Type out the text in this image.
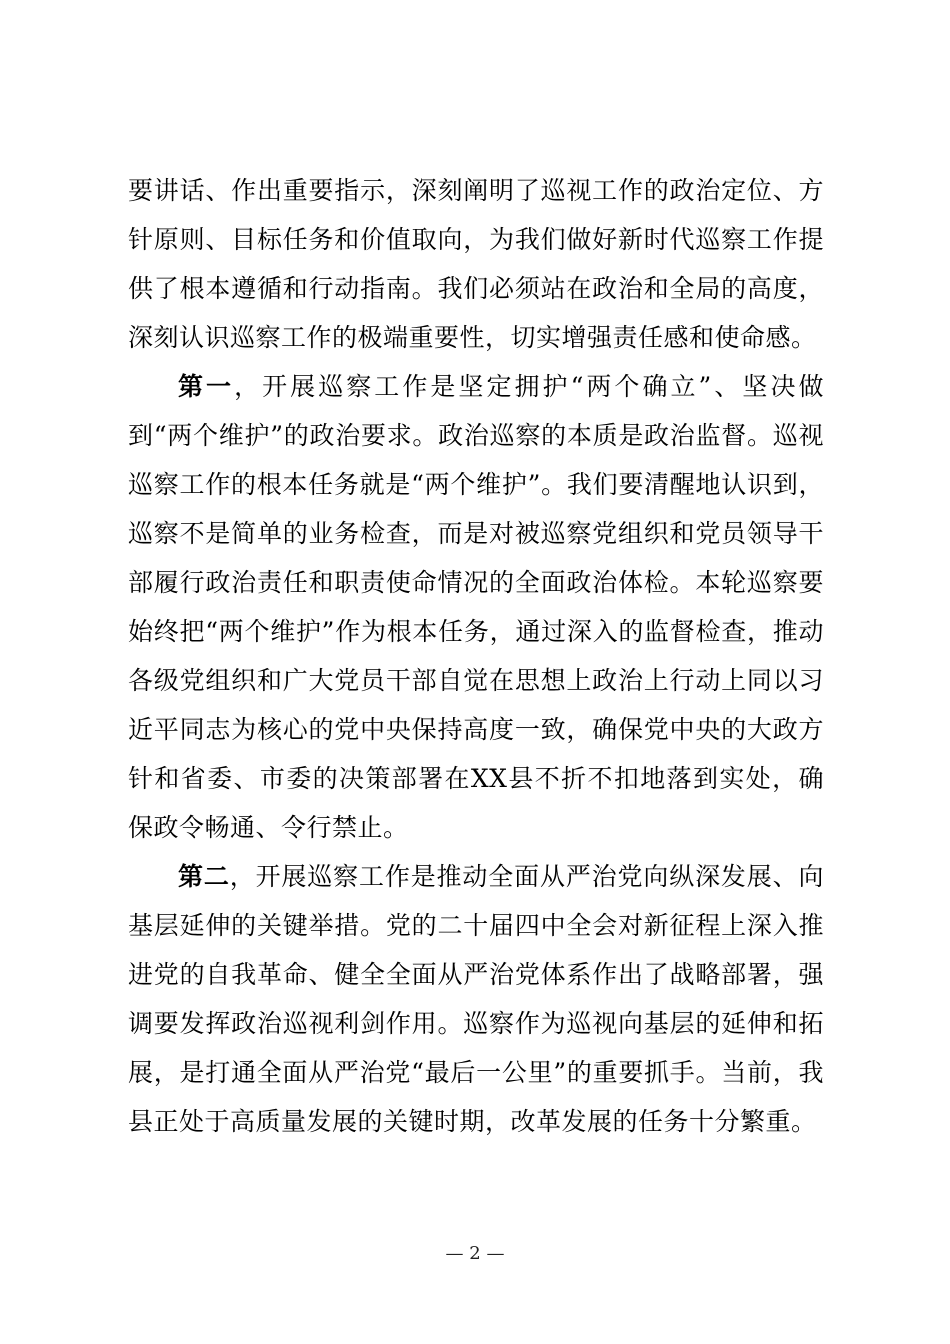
要讲话、作出重要指示，深刻阐明了巡视工作的政治定位、方针原则、目标任务和价值取向，为我们做好新时代巡察工作提供了根本遵循和行动指南。我们必须站在政治和全局的高度，深刻认识巡察工作的极端重要性，切实增强责任感和使命感。

第一，开展巡察工作是坚定拥护“两个确立”、坚决做到“两个维护”的政治要求。政治巡察的本质是政治监督。巡视巡察工作的根本任务就是“两个维护”。我们要清醒地认识到，巡察不是简单的业务检查，而是对被巡察党组织和党员领导干部履行政治责任和职责使命情况的全面政治体检。本轮巡察要始终把“两个维护”作为根本任务，通过深入的监督检查，推动各级党组织和广大党员干部自觉在思想上政治上行动上同以习近平同志为核心的党中央保持高度一致，确保党中央的大政方针和省委、市委的决策部署在XX县不折不扣地落到实处，确保政令畅通、令行禁止。

第二，开展巡察工作是推动全面从严治党向纵深发展、向基层延伸的关键举措。党的二十届四中全会对新征程上深入推进党的自我革命、健全全面从严治党体系作出了战略部署，强调要发挥政治巡视利剑作用。巡察作为巡视向基层的延伸和拓展，是打通全面从严治党“最后一公里”的重要抓手。当前，我县正处于高质量发展的关键时期，改革发展的任务十分繁重。

— 2 —
